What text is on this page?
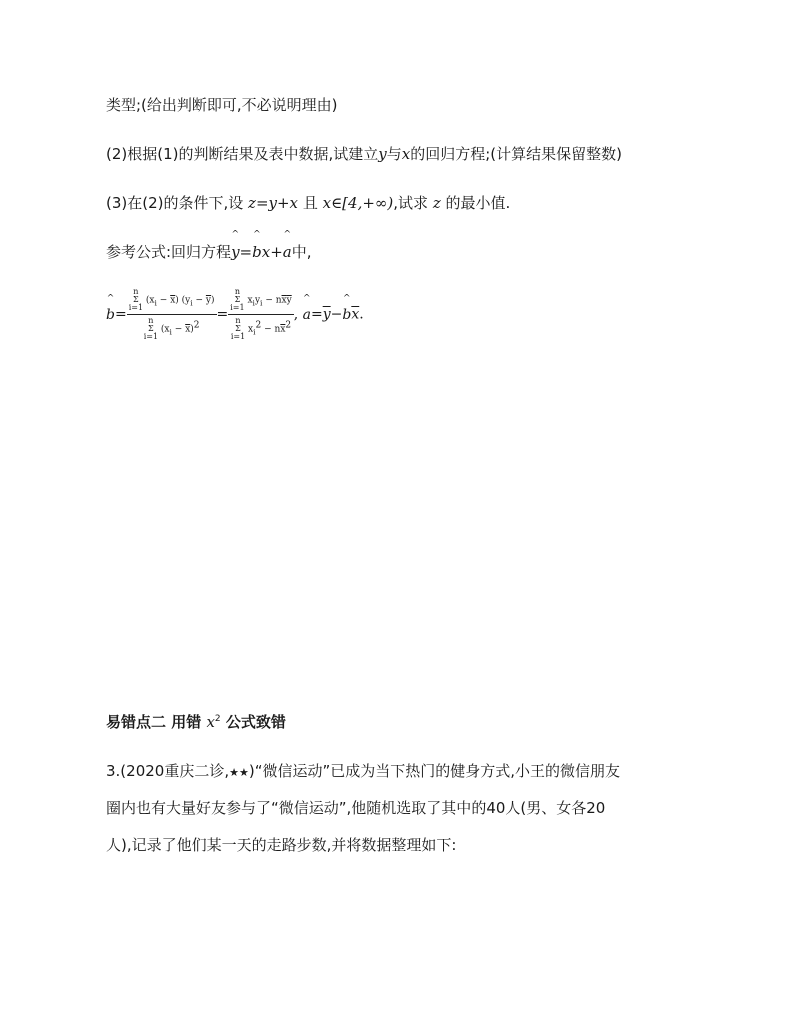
类型;(给出判断即可,不必说明理由)
(2)根据(1)的判断结果及表中数据,试建立y与x的回归方程;(计算结果保留整数)
(3)在(2)的条件下,设 z=y+x 且 x∈[4,+∞),试求 z 的最小值.
参考公式:回归方程^ y=^ bx+^ a中,
^ b=
n
Σ
i=1 $(x_i - \overline{x}) (y_i - \overline{y})$
n
Σ
i=1 $(x_i - \overline{x})^2$
=
n
Σ
i=1 $x_iy_i - n\overline{x}\overline{y}$
n
Σ
i=1 $x_i^2 - n\overline{x}^2$
, ^ $a=\overline{y}-\^{}$ $b\overline{x}$.
易错点二 用错 $x^2$ 公式致错
3.(2020重庆二诊,★★)“微信运动”已成为当下热门的健身方式,小王的微信朋友
圈内也有大量好友参与了“微信运动”,他随机选取了其中的40人(男、女各20
人),记录了他们某一天的走路步数,并将数据整理如下:
